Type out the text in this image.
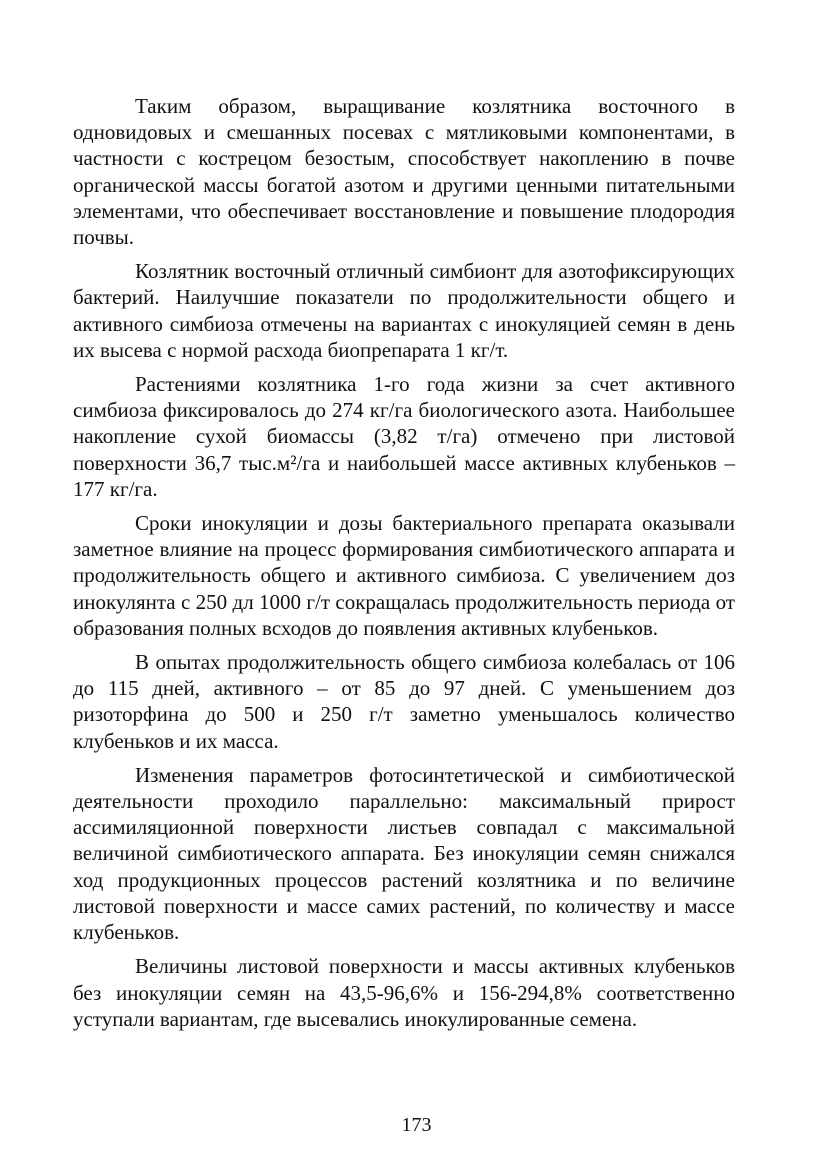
Таким образом, выращивание козлятника восточного в одновидовых и смешанных посевах с мятликовыми компонентами, в частности с кострецом безостым, способствует накоплению в почве органической массы богатой азотом и другими ценными питательными элементами, что обеспечивает восстановление и повышение плодородия почвы.

Козлятник восточный отличный симбионт для азотофиксирующих бактерий. Наилучшие показатели по продолжительности общего и активного симбиоза отмечены на вариантах с инокуляцией семян в день их высева с нормой расхода биопрепарата 1 кг/т.

Растениями козлятника 1-го года жизни за счет активного симбиоза фиксировалось до 274 кг/га биологического азота. Наибольшее накопление сухой биомассы (3,82 т/га) отмечено при листовой поверхности 36,7 тыс.м²/га и наибольшей массе активных клубеньков – 177 кг/га.

Сроки инокуляции и дозы бактериального препарата оказывали заметное влияние на процесс формирования симбиотического аппарата и продолжительность общего и активного симбиоза. С увеличением доз инокулянта с 250 дл 1000 г/т сокращалась продолжительность периода от образования полных всходов до появления активных клубеньков.

В опытах продолжительность общего симбиоза колебалась от 106 до 115 дней, активного – от 85 до 97 дней. С уменьшением доз ризоторфина до 500 и 250 г/т заметно уменьшалось количество клубеньков и их масса.

Изменения параметров фотосинтетической и симбиотической деятельности проходило параллельно: максимальный прирост ассимиляционной поверхности листьев совпадал с максимальной величиной симбиотического аппарата. Без инокуляции семян снижался ход продукционных процессов растений козлятника и по величине листовой поверхности и массе самих растений, по количеству и массе клубеньков.

Величины листовой поверхности и массы активных клубеньков без инокуляции семян на 43,5-96,6% и 156-294,8% соответственно уступали вариантам, где высевались инокулированные семена.

173
